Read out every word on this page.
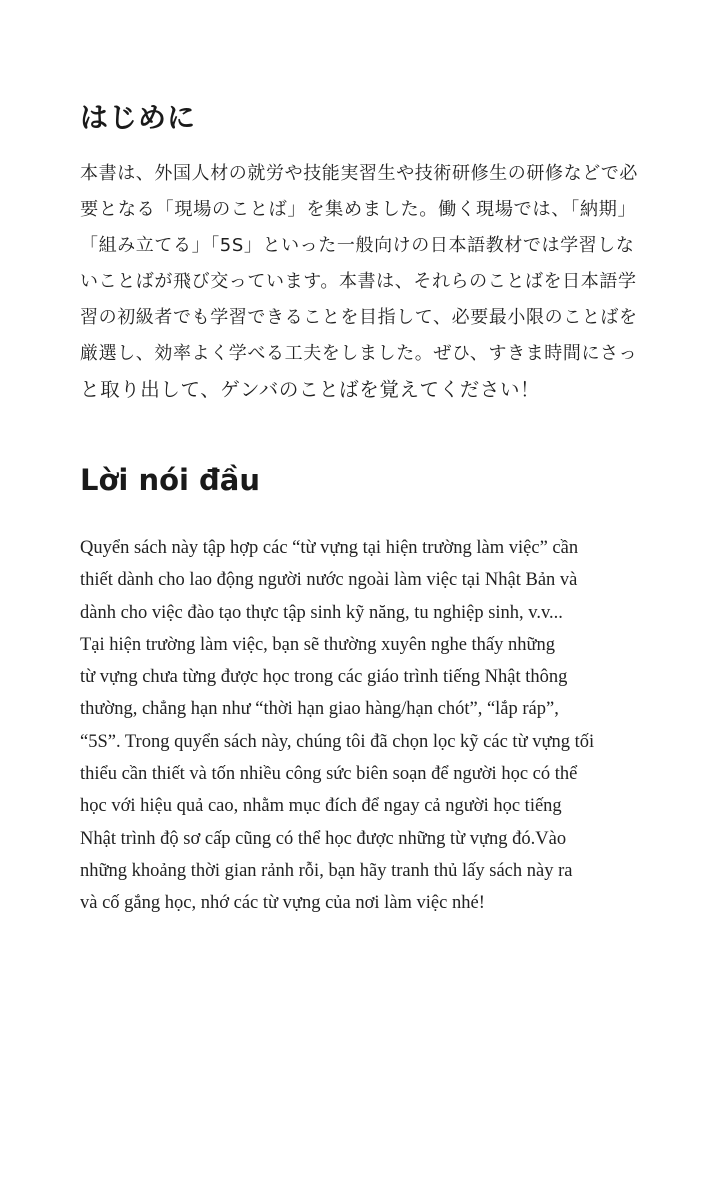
はじめに
本書は、外国人材の就労や技能実習生や技術研修生の研修などで必
要となる「現場のことば」を集めました。働く現場では、「納期」
「組み立てる」「5S」といった一般向けの日本語教材では学習しな
いことばが飛び交っています。本書は、それらのことばを日本語学
習の初級者でも学習できることを目指して、必要最小限のことばを
厳選し、効率よく学べる工夫をしました。ぜひ、すきま時間にさっ
と取り出して、ゲンバのことばを覚えてください！
Lời nói đầu
Quyển sách này tập hợp các “từ vựng tại hiện trường làm việc” cần
thiết dành cho lao động người nước ngoài làm việc tại Nhật Bản và
dành cho việc đào tạo thực tập sinh kỹ năng, tu nghiệp sinh, v.v...
Tại hiện trường làm việc, bạn sẽ thường xuyên nghe thấy những
từ vựng chưa từng được học trong các giáo trình tiếng Nhật thông
thường, chẳng hạn như “thời hạn giao hàng/hạn chót”, “lắp ráp”,
“5S”. Trong quyển sách này, chúng tôi đã chọn lọc kỹ các từ vựng tối
thiểu cần thiết và tốn nhiều công sức biên soạn để người học có thể
học với hiệu quả cao, nhằm mục đích để ngay cả người học tiếng
Nhật trình độ sơ cấp cũng có thể học được những từ vựng đó.Vào
những khoảng thời gian rảnh rỗi, bạn hãy tranh thủ lấy sách này ra
và cố gắng học, nhớ các từ vựng của nơi làm việc nhé!
